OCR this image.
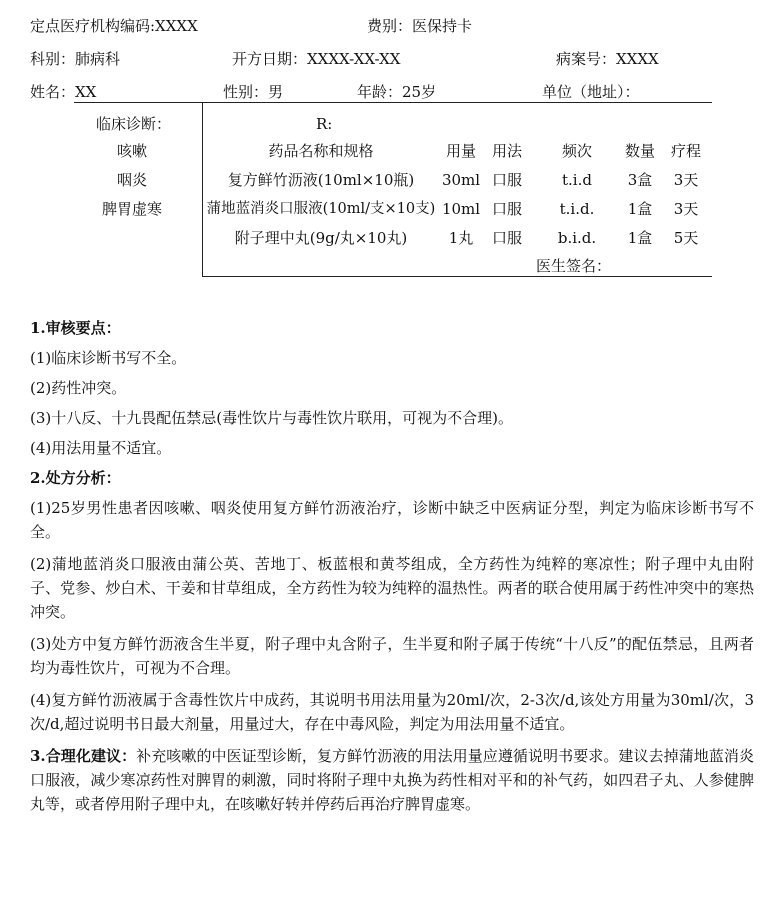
定点医疗机构编码:XXXX	费别：医保持卡
科别：肺病科	开方日期：XXXX-XX-XX	病案号：XXXX
姓名：XX	性别：男	年龄：25岁	单位（地址）：
临床诊断：
咳嗽
咽炎
脾胃虚寒
R:
药品名称和规格	用量	用法	频次	数量	疗程
复方鲜竹沥液(10ml×10瓶)	30ml 口服	t.i.d	3盒	3天
蒲地蓝消炎口服液(10ml/支×10支) 10ml 口服	t.i.d.	1盒	3天
附子理中丸(9g/丸×10丸)	1丸	口服	b.i.d.	1盒	5天
医生签名：
1.审核要点：
(1)临床诊断书写不全。
(2)药性冲突。
(3)十八反、十九畏配伍禁忌(毒性饮片与毒性饮片联用，可视为不合理)。
(4)用法用量不适宜。
2.处方分析：
(1)25岁男性患者因咳嗽、咽炎使用复方鲜竹沥液治疗，诊断中缺乏中医病证分型，判定为临床诊断书写不全。
(2)蒲地蓝消炎口服液由蒲公英、苦地丁、板蓝根和黄芩组成，全方药性为纯粹的寒凉性；附子理中丸由附子、党参、炒白术、干姜和甘草组成，全方药性为较为纯粹的温热性。两者的联合使用属于药性冲突中的寒热冲突。
(3)处方中复方鲜竹沥液含生半夏，附子理中丸含附子，生半夏和附子属于传统“十八反”的配伍禁忌，且两者均为毒性饮片，可视为不合理。
(4)复方鲜竹沥液属于含毒性饮片中成药，其说明书用法用量为20ml/次，2-3次/d,该处方用量为30ml/次，3次/d,超过说明书日最大剂量，用量过大，存在中毒风险，判定为用法用量不适宜。
3.合理化建议：补充咳嗽的中医证型诊断，复方鲜竹沥液的用法用量应遵循说明书要求。建议去掉蒲地蓝消炎口服液，减少寒凉药性对脾胃的刺激，同时将附子理中丸换为药性相对平和的补气药，如四君子丸、人参健脾丸等，或者停用附子理中丸，在咳嗽好转并停药后再治疗脾胃虚寒。
